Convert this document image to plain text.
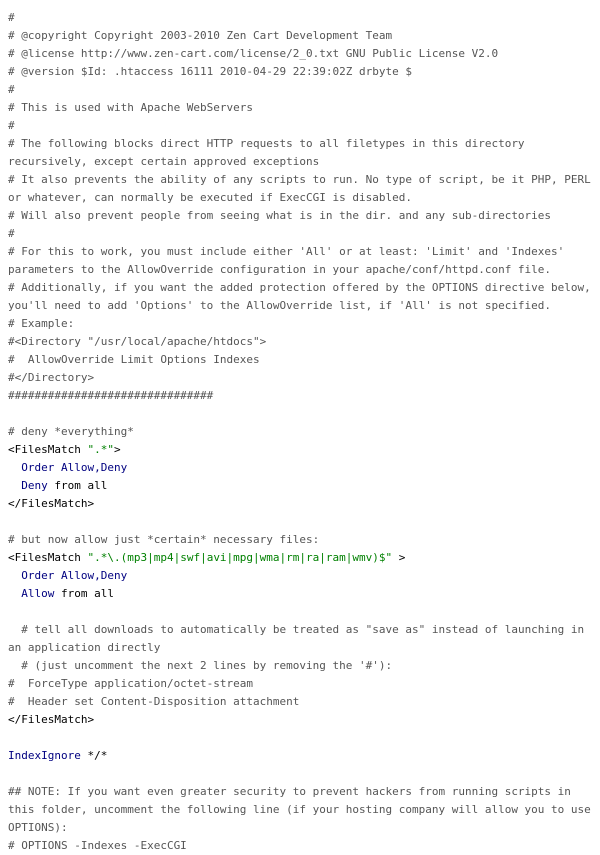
#
# @copyright Copyright 2003-2010 Zen Cart Development Team
# @license http://www.zen-cart.com/license/2_0.txt GNU Public License V2.0
# @version $Id: .htaccess 16111 2010-04-29 22:39:02Z drbyte $
#
# This is used with Apache WebServers
#
# The following blocks direct HTTP requests to all filetypes in this directory recursively, except certain approved exceptions
# It also prevents the ability of any scripts to run. No type of script, be it PHP, PERL or whatever, can normally be executed if ExecCGI is disabled.
# Will also prevent people from seeing what is in the dir. and any sub-directories
#
# For this to work, you must include either 'All' or at least: 'Limit' and 'Indexes' parameters to the AllowOverride configuration in your apache/conf/httpd.conf file.
# Additionally, if you want the added protection offered by the OPTIONS directive below, you'll need to add 'Options' to the AllowOverride list, if 'All' is not specified.
# Example:
#<Directory "/usr/local/apache/htdocs">
#  AllowOverride Limit Options Indexes
#</Directory>
###############################
# deny *everything*
<FilesMatch ".*">
Order Allow,Deny
Deny from all
</FilesMatch>
# but now allow just *certain* necessary files:
<FilesMatch ".*\.(mp3|mp4|swf|avi|mpg|wma|rm|ra|ram|wmv)$" >
Order Allow,Deny
Allow from all
# tell all downloads to automatically be treated as "save as" instead of launching in an application directly
# (just uncomment the next 2 lines by removing the '#'):
#  ForceType application/octet-stream
#  Header set Content-Disposition attachment
</FilesMatch>
IndexIgnore */*
## NOTE: If you want even greater security to prevent hackers from running scripts in this folder, uncomment the following line (if your hosting company will allow you to use OPTIONS):
# OPTIONS -Indexes -ExecCGI
